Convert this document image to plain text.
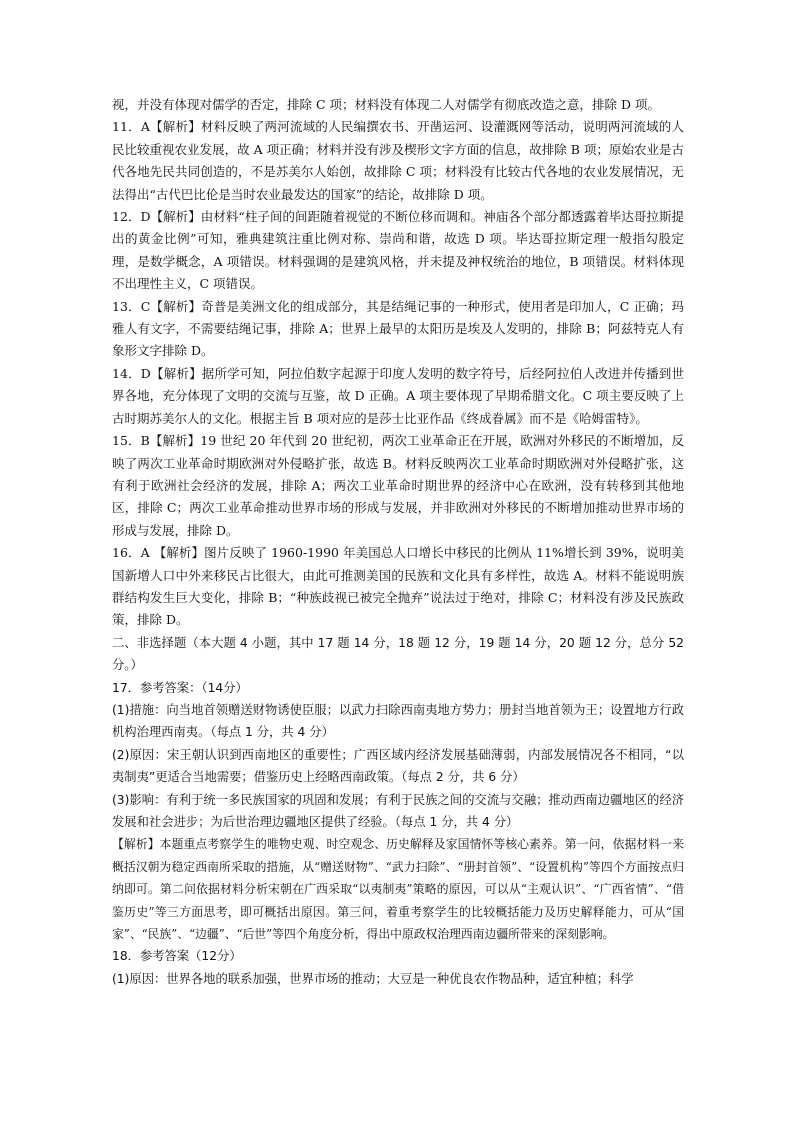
视，并没有体现对儒学的否定，排除 C 项；材料没有体现二人对儒学有彻底改造之意，排除 D 项。

11．A【解析】材料反映了两河流域的人民编撰农书、开凿运河、设灌溉网等活动，说明两河流域的人民比较重视农业发展，故 A 项正确；材料并没有涉及楔形文字方面的信息，故排除 B 项；原始农业是古代各地先民共同创造的，不是苏美尔人始创，故排除 C 项；材料没有比较古代各地的农业发展情况，无法得出“古代巴比伦是当时农业最发达的国家”的结论，故排除 D 项。

12．D【解析】由材料“柱子间的间距随着视觉的不断位移而调和。神庙各个部分都透露着毕达哥拉斯提出的黄金比例”可知，雅典建筑注重比例对称、崇尚和谐，故选 D 项。毕达哥拉斯定理一般指勾股定理，是数学概念，A 项错误。材料强调的是建筑风格，并未提及神权统治的地位，B 项错误。材料体现不出理性主义，C 项错误。

13．C【解析】奇普是美洲文化的组成部分，其是结绳记事的一种形式，使用者是印加人，C 正确；玛雅人有文字，不需要结绳记事，排除 A；世界上最早的太阳历是埃及人发明的，排除 B；阿兹特克人有象形文字排除 D。

14．D【解析】据所学可知，阿拉伯数字起源于印度人发明的数字符号，后经阿拉伯人改进并传播到世界各地，充分体现了文明的交流与互鉴，故 D 正确。A 项主要体现了早期希腊文化。C 项主要反映了上古时期苏美尔人的文化。根据主旨 B 项对应的是莎士比亚作品《终成眷属》而不是《哈姆雷特》。

15．B【解析】19 世纪 20 年代到 20 世纪初，两次工业革命正在开展，欧洲对外移民的不断增加，反映了两次工业革命时期欧洲对外侵略扩张，故选 B。材料反映两次工业革命时期欧洲对外侵略扩张，这有利于欧洲社会经济的发展，排除 A；两次工业革命时期世界的经济中心在欧洲，没有转移到其他地区，排除 C；两次工业革命推动世界市场的形成与发展，并非欧洲对外移民的不断增加推动世界市场的形成与发展，排除 D。

16．A 【解析】图片反映了 1960-1990 年美国总人口增长中移民的比例从 11%增长到 39%，说明美国新增人口中外来移民占比很大，由此可推测美国的民族和文化具有多样性，故选 A。材料不能说明族群结构发生巨大变化，排除 B；“种族歧视已被完全抛弃”说法过于绝对，排除 C；材料没有涉及民族政策，排除 D。

二、非选择题（本大题 4 小题，其中 17 题 14 分，18 题 12 分，19 题 14 分，20 题 12 分，总分 52 分。）

17．参考答案：（14分）

(1)措施：向当地首领赠送财物诱使臣服；以武力扫除西南夷地方势力；册封当地首领为王；设置地方行政机构治理西南夷。（每点 1 分，共 4 分）

(2)原因：宋王朝认识到西南地区的重要性；广西区域内经济发展基础薄弱，内部发展情况各不相同，“以夷制夷”更适合当地需要；借鉴历史上经略西南政策。（每点 2 分，共 6 分）

(3)影响：有利于统一多民族国家的巩固和发展；有利于民族之间的交流与交融；推动西南边疆地区的经济发展和社会进步；为后世治理边疆地区提供了经验。（每点 1 分，共 4 分）

【解析】本题重点考察学生的唯物史观、时空观念、历史解释及家国情怀等核心素养。第一问，依据材料一来概括汉朝为稳定西南所采取的措施，从“赠送财物”、“武力扫除”、“册封首领”、“设置机构”等四个方面按点归纳即可。第二问依据材料分析宋朝在广西采取“以夷制夷”策略的原因，可以从“主观认识”、“广西省情”、“借鉴历史”等三方面思考，即可概括出原因。第三问，着重考察学生的比较概括能力及历史解释能力，可从“国家”、“民族”、“边疆”、“后世”等四个角度分析，得出中原政权治理西南边疆所带来的深刻影响。

18．参考答案（12分）

(1)原因：世界各地的联系加强，世界市场的推动；大豆是一种优良农作物品种，适宜种植；科学
